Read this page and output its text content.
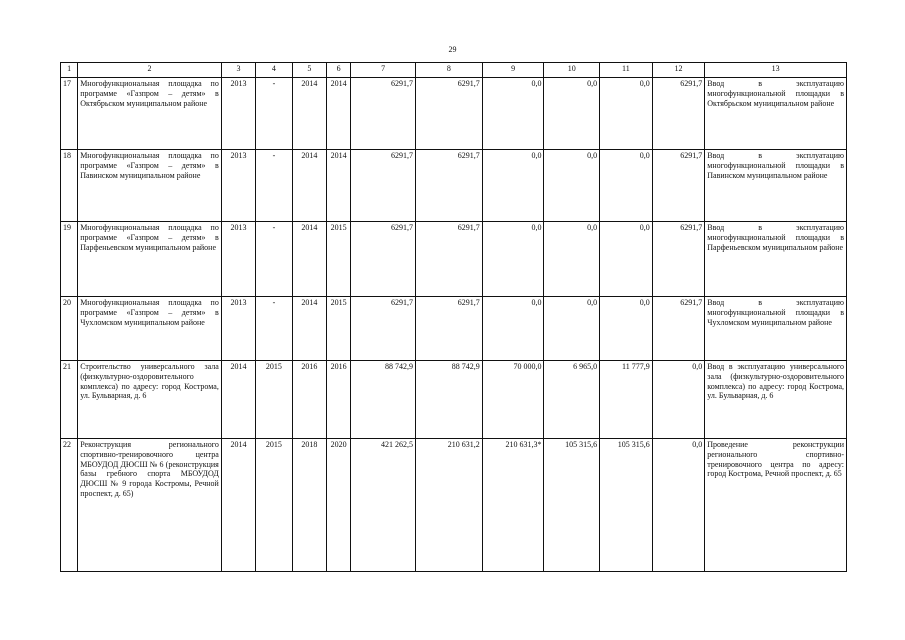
29
1	2	3	4	5	6	7	8	9	10	11	12	13
17	Многофункциональная площадка по программе «Газпром – детям» в Октябрьском муниципальном районе	2013	-	2014	2014	6291,7	6291,7	0,0	0,0	0,0	6291,7	Ввод в эксплуатацию многофункциональной площадки в Октябрьском муниципальном районе
18	Многофункциональная площадка по программе «Газпром – детям» в Павинском муниципальном районе	2013	-	2014	2014	6291,7	6291,7	0,0	0,0	0,0	6291,7	Ввод в эксплуатацию многофункциональной площадки в Павинском муниципальном районе
19	Многофункциональная площадка по программе «Газпром – детям» в Парфеньевском муниципальном районе	2013	-	2014	2015	6291,7	6291,7	0,0	0,0	0,0	6291,7	Ввод в эксплуатацию многофункциональной площадки в Парфеньевском муниципальном районе
20	Многофункциональная площадка по программе «Газпром – детям» в Чухломском муниципальном районе	2013	-	2014	2015	6291,7	6291,7	0,0	0,0	0,0	6291,7	Ввод в эксплуатацию многофункциональной площадки в Чухломском муниципальном районе
21	Строительство универсального зала (физкультурно-оздоровительного комплекса) по адресу: город Кострома, ул. Бульварная, д. 6	2014	2015	2016	2016	88 742,9	88 742,9	70 000,0	6 965,0	11 777,9	0,0	Ввод в эксплуатацию универсального зала (физкультурно-оздоровительного комплекса) по адресу: город Кострома, ул. Бульварная, д. 6
22	Реконструкция регионального спортивно-тренировочного центра МБОУДОД ДЮСШ № 6 (реконструкция базы гребного спорта МБОУДОД ДЮСШ № 9 города Костромы, Речной проспект, д. 65)	2014	2015	2018	2020	421 262,5	210 631,2	210 631,3*	105 315,6	105 315,6	0,0	Проведение реконструкции регионального спортивно-тренировочного центра по адресу: город Кострома, Речной проспект, д. 65
